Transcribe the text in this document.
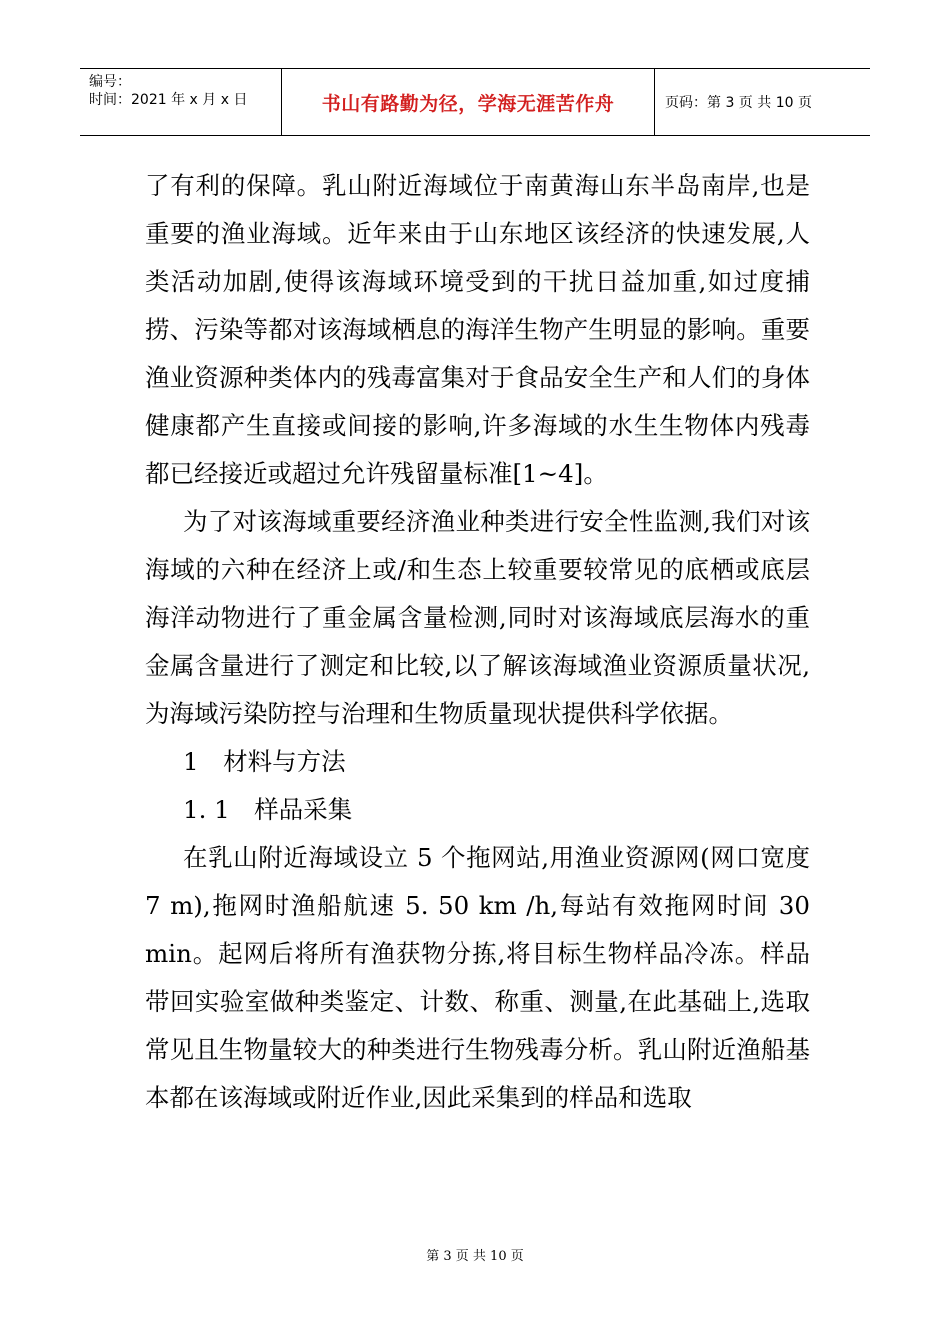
编号：
时间：2021 年 x 月 x 日	书山有路勤为径，学海无涯苦作舟	页码：第 3 页 共 10 页

了有利的保障。乳山附近海域位于南黄海山东半岛南岸,也是重要的渔业海域。近年来由于山东地区该经济的快速发展,人类活动加剧,使得该海域环境受到的干扰日益加重,如过度捕捞、污染等都对该海域栖息的海洋生物产生明显的影响。重要渔业资源种类体内的残毒富集对于食品安全生产和人们的身体健康都产生直接或间接的影响,许多海域的水生生物体内残毒都已经接近或超过允许残留量标准[1~4]。

为了对该海域重要经济渔业种类进行安全性监测,我们对该海域的六种在经济上或/和生态上较重要较常见的底栖或底层海洋动物进行了重金属含量检测,同时对该海域底层海水的重金属含量进行了测定和比较,以了解该海域渔业资源质量状况,为海域污染防控与治理和生物质量现状提供科学依据。

1　材料与方法

1. 1　样品采集

在乳山附近海域设立 5 个拖网站,用渔业资源网(网口宽度 7 m),拖网时渔船航速 5. 50 km /h,每站有效拖网时间 30 min。起网后将所有渔获物分拣,将目标生物样品冷冻。样品带回实验室做种类鉴定、计数、称重、测量,在此基础上,选取常见且生物量较大的种类进行生物残毒分析。乳山附近渔船基本都在该海域或附近作业,因此采集到的样品和选取

第 3 页 共 10 页
